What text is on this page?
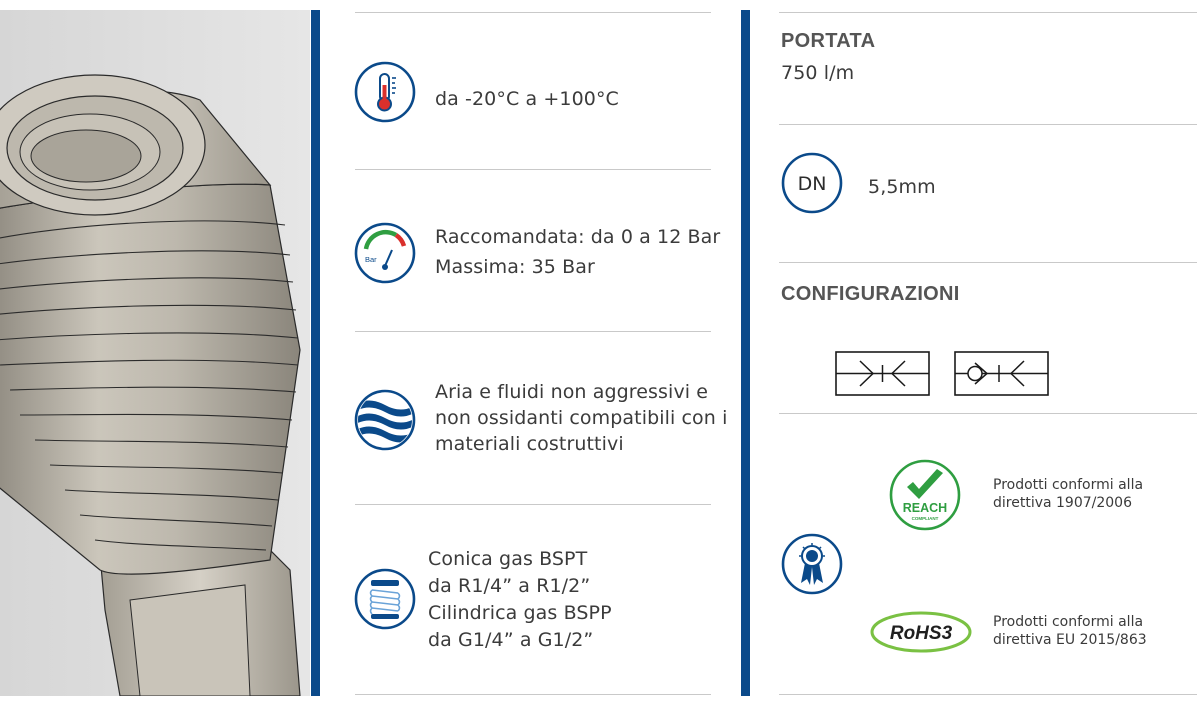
da -20°C a +100°C
Bar
Raccomandata: da 0 a 12 Bar
Massima: 35 Bar
Aria e fluidi non aggressivi e
non ossidanti compatibili con i
materiali costruttivi
Conica gas BSPT
da R1/4” a R1/2”
Cilindrica gas BSPP
da G1/4” a G1/2”
PORTATA
750 l/m
DN 5,5mm
CONFIGURAZIONI
REACH
COMPLIANT
Prodotti conformi alla
direttiva 1907/2006
RoHS3
Prodotti conformi alla
direttiva EU 2015/863
